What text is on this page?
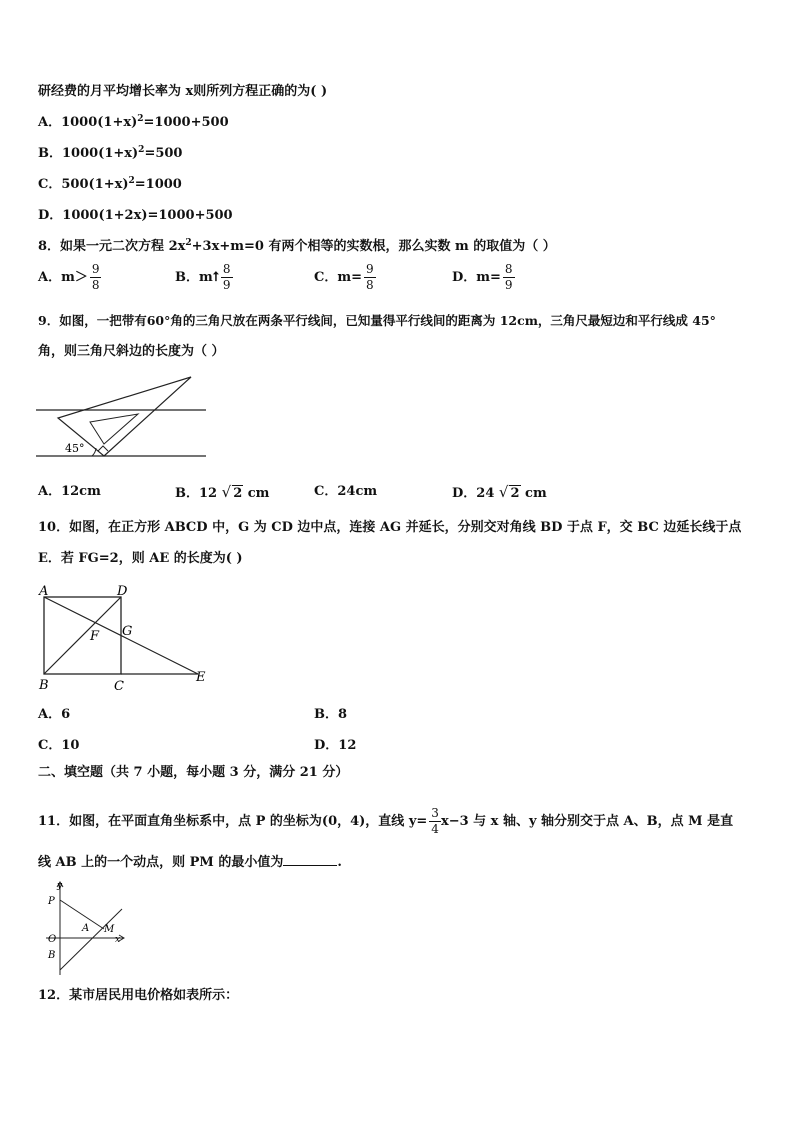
研经费的月平均增长率为 x则所列方程正确的为( )
A．$1000(1+x)^2=1000+500$
B．$1000(1+x)^2=500$
C．$500(1+x)^2=1000$
D．1000(1+2x)=1000+500
8．如果一元二次方程 $2x^2+3x+m=0$ 有两个相等的实数根，那么实数 m 的取值为（ ）
A．$m> \frac{9}{8}$	B．m⭡ $\frac{8}{9}$	C．$m= \frac{9}{8}$	D．$m= \frac{8}{9}$
9．如图，一把带有60°角的三角尺放在两条平行线间，已知量得平行线间的距离为 12cm，三角尺最短边和平行线成 45°
角，则三角尺斜边的长度为（ ）
45°
A．12cm	B．12 √ 2 cm	C．24cm	D．24 √ 2 cm
10．如图，在正方形 ABCD 中，G 为 CD 边中点，连接 AG 并延长，分别交对角线 BD 于点 F，交 BC 边延长线于点
E．若 FG=2，则 AE 的长度为( )
A	D
B	C
E
F G
A．6	B．8
C．10	D．12
二、填空题（共 7 小题，每小题 3 分，满分 21 分）
11．如图，在平面直角坐标系中，点 P 的坐标为(0，4)，直线 $y= \frac{3}{4} x-3$ 与 x 轴、y 轴分别交于点 A、B，点 M 是直
线 AB 上的一个动点，则 PM 的最小值为	.
y
P
O
A M
x
B
12．某市居民用电价格如表所示：
